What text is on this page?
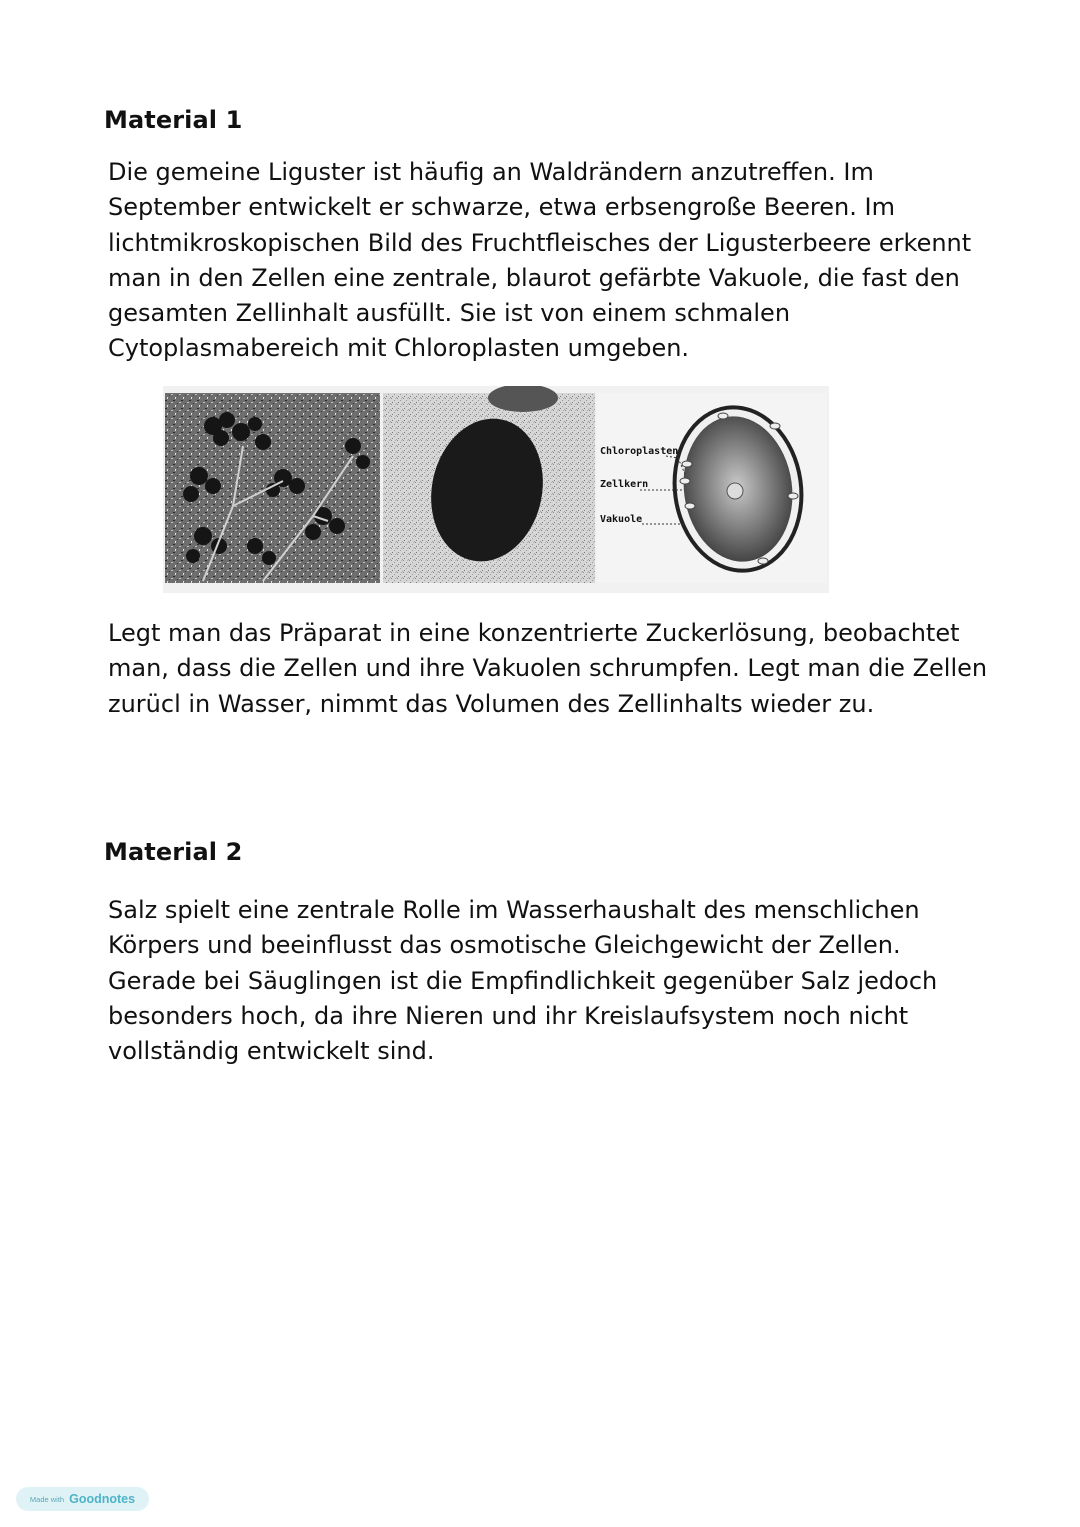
Material 1

Die gemeine Liguster ist häufig an Waldrändern anzutreffen. Im September entwickelt er schwarze, etwa erbsengroße Beeren. Im lichtmikroskopischen Bild des Fruchtfleisches der Ligusterbeere erkennt man in den Zellen eine zentrale, blaurot gefärbte Vakuole, die fast den gesamten Zellinhalt ausfüllt. Sie ist von einem schmalen Cytoplasmabereich mit Chloroplasten umgeben.

Chloroplasten
Zellkern
Vakuole

Legt man das Präparat in eine konzentrierte Zuckerlösung, beobachtet man, dass die Zellen und ihre Vakuolen schrumpfen. Legt man die Zellen zurücl in Wasser, nimmt das Volumen des Zellinhalts wieder zu.

Material 2

Salz spielt eine zentrale Rolle im Wasserhaushalt des menschlichen Körpers und beeinflusst das osmotische Gleichgewicht der Zellen. Gerade bei Säuglingen ist die Empfindlichkeit gegenüber Salz jedoch besonders hoch, da ihre Nieren und ihr Kreislaufsystem noch nicht vollständig entwickelt sind.

Made with Goodnotes
